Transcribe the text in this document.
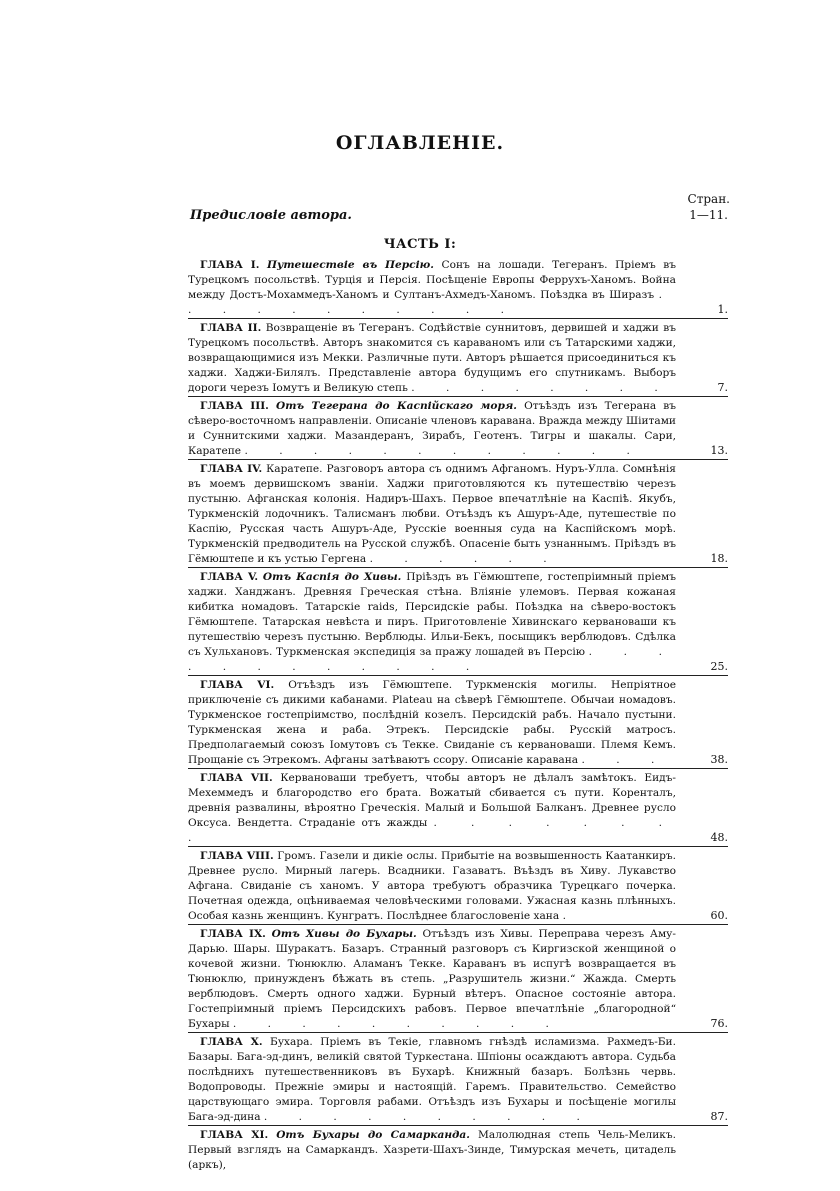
ОГЛАВЛЕНІЕ.
Стран.
Предисловіе автора.	1—11.
ЧАСТЬ I:
ГЛАВА I. Путешествіе въ Персію. Сонъ на лошади. Тегеранъ. Пріемъ въ Турецкомъ посольствѣ. Турція и Персія. Посѣщеніе Европы Феррухъ-Ханомъ. Война между Достъ-Мохаммедъ-Ханомъ и Султанъ-Ахмедъ-Ханомъ. Поѣздка въ Ширазъ . . . . . . . . . . .	1.
ГЛАВА II. Возвращеніе въ Тегеранъ. Содѣйствіе суннитовъ, дервишей и хаджи въ Турецкомъ посольствѣ. Авторъ знакомится съ караваномъ или съ Татарскими хаджи, возвращающимися изъ Мекки. Различные пути. Авторъ рѣшается присоединиться къ хаджи. Хаджи-Билялъ. Представленіе автора будущимъ его спутникамъ. Выборъ дороги черезъ Іомутъ и Великую степь . . . . . . . .	7.
ГЛАВА III. Отъ Тегерана до Каспійскаго моря. Отъѣздъ изъ Тегерана въ сѣверо-восточномъ направленіи. Описаніе членовъ каравана. Вражда между Шіитами и Суннитскими хаджи. Мазандеранъ, Зирабъ, Геотенъ. Тигры и шакалы. Сари, Каратепе . . . . . . . . . . . .	13.
ГЛАВА IV. Каратепе. Разговоръ автора съ однимъ Афганомъ. Нуръ-Улла. Сомнѣнія въ моемъ дервишскомъ званіи. Хаджи приготовляются къ путешествію черезъ пустыню. Афганская колонія. Надиръ-Шахъ. Первое впечатлѣніе на Каспіѣ. Якубъ, Туркменскій лодочникъ. Талисманъ любви. Отъѣздъ къ Ашуръ-Аде, путешествіе по Каспію, Русская часть Ашуръ-Аде, Русскіе военныя суда на Каспійскомъ морѣ. Туркменскій предводитель на Русской службѣ. Опасеніе быть узнаннымъ. Пріѣздъ въ Гёмюштепе и къ устью Гергена . . . . . .	18.
ГЛАВА V. Отъ Каспія до Хивы. Пріѣздъ въ Гёмюштепе, гостепріимный пріемъ хаджи. Ханджанъ. Древняя Греческая стѣна. Вліяніе улемовъ. Первая кожаная кибитка номадовъ. Татарскіе raids, Персидскіе рабы. Поѣздка на сѣверо-востокъ Гёмюштепе. Татарская невѣста и пиръ. Приготовленіе Хивинскаго кервановаши къ путешествію черезъ пустыню. Верблюды. Ильи-Бекъ, посыщикъ верблюдовъ. Сдѣлка съ Хульхановъ. Туркменская экспедиція за пражу лошадей въ Персію . . . . . . . . . . . .	25.
ГЛАВА VI. Отъѣздъ изъ Гёмюштепе. Туркменскія могилы. Непріятное приключеніе съ дикими кабанами. Plateau на сѣверѣ Гёмюштепе. Обычаи номадовъ. Туркменское гостепріимство, послѣдній козелъ. Персидскій рабъ. Начало пустыни. Туркменская жена и раба. Этрекъ. Персидскіе рабы. Русскій матросъ. Предполагаемый союзъ Іомутовъ съ Текке. Свиданіе съ кервановаши. Племя Кемъ. Прощаніе съ Этрекомъ. Афганы затѣваютъ ссору. Описаніе каравана . . .	38.
ГЛАВА VII. Кервановаши требуетъ, чтобы авторъ не дѣлалъ замѣтокъ. Еидъ-Мехеммедъ и благородство его брата. Вожатый сбивается съ пути. Коренталъ, древнія развалины, вѣроятно Греческія. Малый и Большой Балканъ. Древнее русло Оксуса. Вендетта. Страданіе отъ жажды . . . . . . . .	48.
ГЛАВА VIII. Громъ. Газели и дикіе ослы. Прибытіе на возвышенность Каатанкиръ. Древнее русло. Мирный лагерь. Всадники. Газаватъ. Въѣздъ въ Хиву. Лукавство Афгана. Свиданіе съ ханомъ. У автора требуютъ образчика Турецкаго почерка. Почетная одежда, оцѣниваемая человѣческими головами. Ужасная казнь плѣнныхъ. Особая казнь женщинъ. Кунгратъ. Послѣднее благословеніе хана .	60.
ГЛАВА IX. Отъ Хивы до Бухары. Отъѣздъ изъ Хивы. Переправа черезъ Аму-Дарью. Шары. Шуракатъ. Базаръ. Странный разговоръ съ Киргизской женщиной о кочевой жизни. Тюнюклю. Аламанъ Текке. Караванъ въ испугѣ возвращается въ Тюнюклю, принужденъ бѣжать въ степь. „Разрушитель жизни.“ Жажда. Смерть верблюдовъ. Смерть одного хаджи. Бурный вѣтеръ. Опасное состояніе автора. Гостепріимный пріемъ Персидскихъ рабовъ. Первое впечатлѣніе „благородной“ Бухары . . . . . . . . . .	76.
ГЛАВА X. Бухара. Пріемъ въ Текіе, главномъ гнѣздѣ исламизма. Рахмедъ-Би. Базары. Бага-эд-динъ, великій святой Туркестана. Шпіоны осаждаютъ автора. Судьба послѣднихъ путешественниковъ въ Бухарѣ. Книжный базаръ. Болѣзнь червь. Водопроводы. Прежніе эмиры и настоящій. Гаремъ. Правительство. Семейство царствующаго эмира. Торговля рабами. Отъѣздъ изъ Бухары и посѣщеніе могилы Бага-эд-дина . . . . . . . . . .	87.
ГЛАВА XI. Отъ Бухары до Самарканда. Малолюдная степь Чель-Меликъ. Первый взглядъ на Самаркандъ. Хазрети-Шахъ-Зинде, Тимурская мечеть, цитадель (аркъ),
